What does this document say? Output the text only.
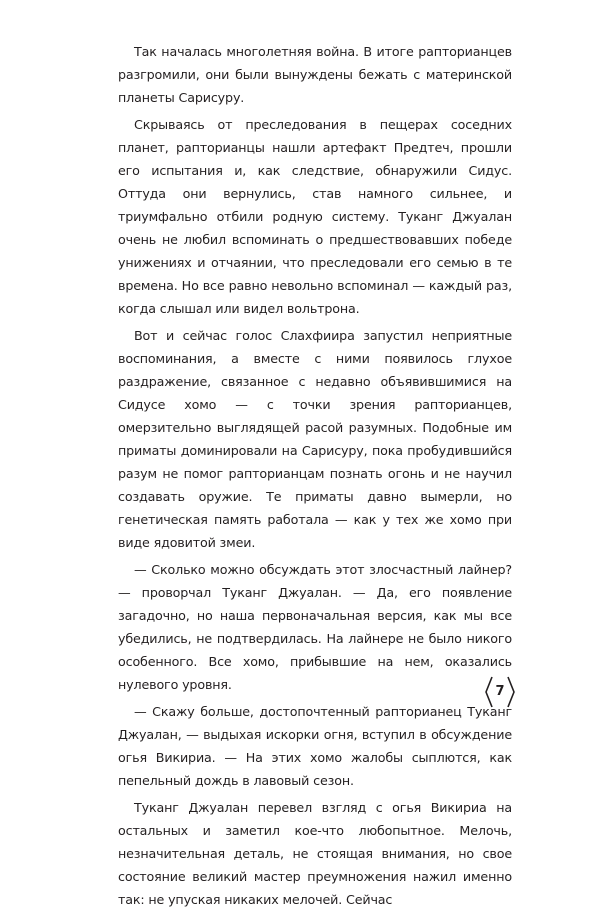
Так началась многолетняя война. В итоге рапторианцев разгромили, они были вынуждены бежать с материнской планеты Сарисуру.

Скрываясь от преследования в пещерах соседних планет, рапторианцы нашли артефакт Предтеч, прошли его испытания и, как следствие, обнаружили Сидус. Оттуда они вернулись, став намного сильнее, и триумфально отбили родную систему. Туканг Джуалан очень не любил вспоминать о предшествовавших победе унижениях и отчаянии, что преследовали его семью в те времена. Но все равно невольно вспоминал — каждый раз, когда слышал или видел вольтрона.

Вот и сейчас голос Слахфиира запустил неприятные воспоминания, а вместе с ними появилось глухое раздражение, связанное с недавно объявившимися на Сидусе хомо — с точки зрения рапторианцев, омерзительно выглядящей расой разумных. Подобные им приматы доминировали на Сарисуру, пока пробудившийся разум не помог рапторианцам познать огонь и не научил создавать оружие. Те приматы давно вымерли, но генетическая память работала — как у тех же хомо при виде ядовитой змеи.

— Сколько можно обсуждать этот злосчастный лайнер? — проворчал Туканг Джуалан. — Да, его появление загадочно, но наша первоначальная версия, как мы все убедились, не подтвердилась. На лайнере не было никого особенного. Все хомо, прибывшие на нем, оказались нулевого уровня.

— Скажу больше, достопочтенный рапторианец Туканг Джуалан, — выдыхая искорки огня, вступил в обсуждение огья Викириа. — На этих хомо жалобы сыплются, как пепельный дождь в лавовый сезон.

Туканг Джуалан перевел взгляд с огья Викириа на остальных и заметил кое-что любопытное. Мелочь, незначительная деталь, не стоящая внимания, но свое состояние великий мастер преумножения нажил именно так: не упуская никаких мелочей. Сейчас

7
